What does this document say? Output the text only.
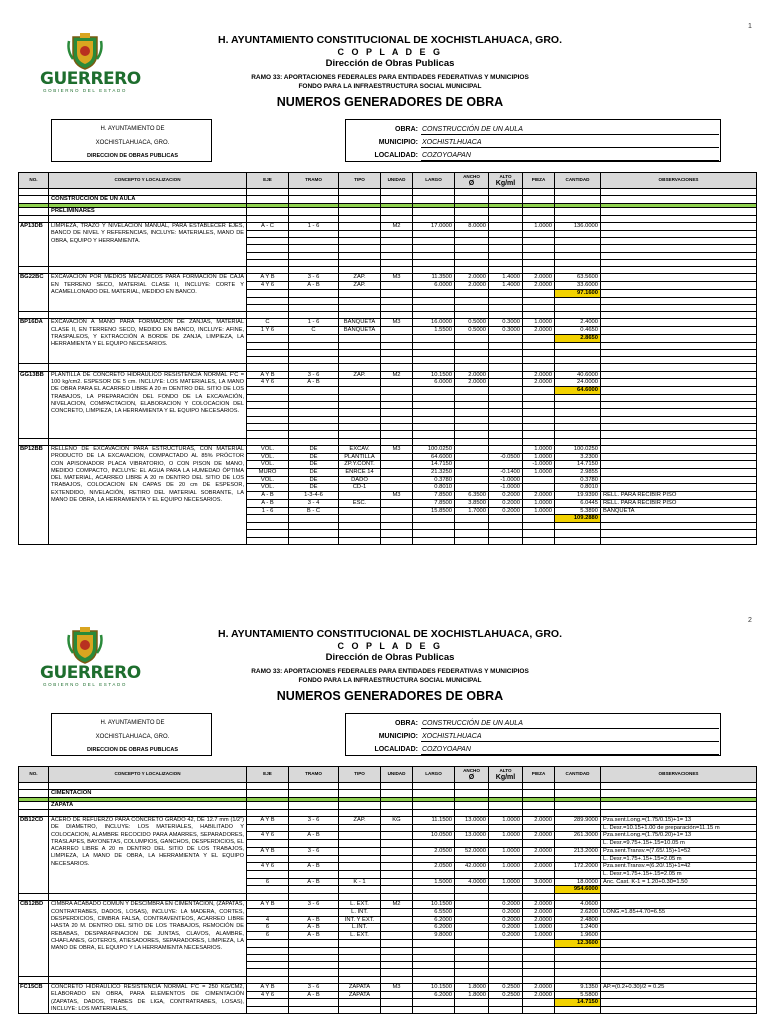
1
GUERRERO
GOBIERNO DEL ESTADO
H. AYUNTAMIENTO CONSTITUCIONAL DE XOCHISTLAHUACA, GRO.
C O P L A D E G
Dirección de Obras Publicas
RAMO 33: APORTACIONES FEDERALES PARA ENTIDADES FEDERATIVAS Y MUNICIPIOS
FONDO PARA LA INFRAESTRUCTURA SOCIAL MUNICIPAL
NUMEROS GENERADORES DE OBRA
H. AYUNTAMIENTO DE
XOCHISTLAHUACA, GRO.
DIRECCION DE OBRAS PUBLICAS
OBRA: CONSTRUCCIÓN DE UN AULA
MUNICIPIO: XOCHISTLHUACA
LOCALIDAD: COZOYOAPAN
NO.	CONCEPTO Y LOCALIZACION	EJE	TRAMO	TIPO	UNIDAD	LARGO	ANCHO
Ø	ALTO
Kg/ml	PIEZA	CANTIDAD	OBSERVACIONES

	CONSTRUCCIÓN DE UN AULA										

	PRELIMINARES										

AP13DB	LIMPIEZA, TRAZO Y NIVELACION MANUAL, PARA ESTABLECER EJES, BANCO DE NIVEL Y REFERENCIAS, INCLUYE: MATERIALES, MANO DE OBRA, EQUIPO Y HERRAMIENTA.	A - C	1 - 6		M2	17.0000	8.0000		1.0000	136.0000	

BG22BC	EXCAVACION POR MEDIOS MECANICOS PARA FORMACION DE CAJA EN TERRENO SECO, MATERIAL CLASE II, INCLUYE: CORTE Y ACAMELLONADO DEL MATERIAL, MEDIDO EN BANCO.	A Y B	3 - 6	ZAP.	M3	11.3500	2.0000	1.4000	2.0000	63.5600	
		4 Y 6	A - B	ZAP.		6.0000	2.0000	1.4000	2.0000	33.6000	
										97.1600	

BP16DA	EXCAVACION A MANO PARA FORMACION DE ZANJAS, MATERIAL CLASE II, EN TERRENO SECO, MEDIDO EN BANCO, INCLUYE: AFINE, TRASPALEOS, Y EXTRACCIÓN A BORDE DE ZANJA, LIMPIEZA, LA HERRAMIENTA Y EL EQUIPO NECESARIOS.	C	1 - 6	BANQUETA	M3	16.0000	0.5000	0.3000	1.0000	2.4000	
		1 Y 6	C	BANQUETA		1.5500	0.5000	0.3000	2.0000	0.4650	
										2.8650	

GG13BB	PLANTILLA DE CONCRETO HIDRAULICO RESISTENCIA NORMAL F'C = 100 kg/cm2. ESPESOR DE 5 cm. INCLUYE: LOS MATERIALES, LA MANO DE OBRA PARA EL ACARREO LIBRE A 20 m DENTRO DEL SITIO DE LOS TRABAJOS, LA PREPARACIÓN DEL FONDO DE LA EXCAVACIÓN, NIVELACION, COMPACTACION, ELABORACION Y COLOCACION DEL CONCRETO, LIMPIEZA, LA HERRAMIENTA Y EL EQUIPO NECESARIOS.	A Y B	3 - 6	ZAP.	M2	10.1500	2.0000		2.0000	40.6000	
		4 Y 6	A - B			6.0000	2.0000		2.0000	24.0000	
										64.6000	

BP12BB	RELLENO DE EXCAVACION PARA ESTRUCTURAS, CON MATERIAL PRODUCTO DE LA EXCAVACION, COMPACTADO AL 85% PRÓCTOR CON APISONADOR PLACA VIBRATORIO, O CON PISON DE MANO, MEDIDO COMPACTO, INCLUYE: EL AGUA PARA LA HUMEDAD ÓPTIMA DEL MATERIAL, ACARREO LIBRE A 20 m DENTRO DEL SITIO DE LOS TRABAJOS, COLOCACION EN CAPAS DE 20 cm DE ESPESOR, EXTENDIDO, NIVELACIÓN, RETIRO DEL MATERIAL SOBRANTE, LA MANO DE OBRA, LA HERRAMIENTA Y EL EQUIPO NECESARIOS.	VOL.	DE	EXCAV.	M3	100.0250			1.0000	100.0250	
		VOL.	DE	PLANTILLA		64.6000		-0.0500	1.0000	3.2300	
		VOL.	DE	ZP.Y.CONT.		14.7150			-1.0000	14.7150	
		MURO	DE	ENRCE 14		21.3250		-0.1400	1.0000	2.9855	
		VOL.	DE	DADO		0.3780		-1.0000		0.3780	
		VOL.	DE	CD-1		0.8010		-1.0000		0.8010	
		A - B	1-3-4-6		M3	7.8500	6.3500	0.2000	2.0000	19.9390	RELL. PARA RECIBIR PISO
		A - B	3 - 4	ESC.		7.8500	3.8500	0.2000	1.0000	6.0445	RELL. PARA RECIBIR PISO
		1 - 6	B - C			15.8500	1.7000	0.2000	1.0000	5.3890	BANQUETA
										109.2880	

2
GUERRERO
GOBIERNO DEL ESTADO
H. AYUNTAMIENTO CONSTITUCIONAL DE XOCHISTLAHUACA, GRO.
C O P L A D E G
Dirección de Obras Publicas
RAMO 33: APORTACIONES FEDERALES PARA ENTIDADES FEDERATIVAS Y MUNICIPIOS
FONDO PARA LA INFRAESTRUCTURA SOCIAL MUNICIPAL
NUMEROS GENERADORES DE OBRA
H. AYUNTAMIENTO DE
XOCHISTLAHUACA, GRO.
DIRECCION DE OBRAS PUBLICAS
OBRA: CONSTRUCCIÓN DE UN AULA
MUNICIPIO: XOCHISTLHUACA
LOCALIDAD: COZOYOAPAN
NO.	CONCEPTO Y LOCALIZACION	EJE	TRAMO	TIPO	UNIDAD	LARGO	ANCHO
Ø	ALTO
Kg/ml	PIEZA	CANTIDAD	OBSERVACIONES

	CIMENTACION										

	ZAPATA										

DB12CD	ACERO DE REFUERZO PARA CONCRETO GRADO 42, DE 12.7 mm (1/2") DE DIAMETRO, INCLUYE: LOS MATERIALES, HABILITADO Y COLOCACION, ALAMBRE RECOCIDO PARA AMARRES, SEPARADORES, TRASLAPES, BAYONETAS, COLUMPIOS, GANCHOS, DESPERDICIOS, EL ACARREO LIBRE A 20 m DENTRO DEL SITIO DE LOS TRABAJOS, LIMPIEZA, LA MANO DE OBRA, LA HERRAMIENTA Y EL EQUIPO NECESARIOS.	A Y B	3 - 6	ZAP.	KG	11.1500	13.0000	1.0000	2.0000	289.9000	Pza.sent.Long.=(1.75/0.15)+1= 13
											L. Desr.=10.15+1.00 de preparación=11.15 m
		4 Y 6	A - B			10.0500	13.0000	1.0000	2.0000	261.3000	Pza.sent.Long.=(1.75/0.20)+1= 13
											L. Desr.=9.75+.15+.15=10.05 m
		A Y B	3 - 6			2.0500	52.0000	1.0000	2.0000	213.2000	Pza.sent.Transv.=(7.65/.15)+1=52
											L. Desr.=1.75+.15+.15=2.05 m
		4 Y 6	A - B			2.0500	42.0000	1.0000	2.0000	172.2000	Pza.sent.Transv.=(6.20/.15)+1=42
											L. Desr.=1.75+.15+.15=2.05 m
		6	A - B	K - 1		1.5000	4.0000	1.0000	3.0000	18.0000	Anc. Cast. K-1 = 1.20+0.30=1.50
										954.6000	

CB12BD	CIMBRA ACABADO COMUN Y DESCIMBRA EN CIMENTACION, (ZAPATAS, CONTRATRABES, DADOS, LOSAS), INCLUYE: LA MADERA, CORTES, DESPERDICIOS, CIMBRA FALSA, CONTRAVENTEOS, ACARREO LIBRE HASTA 20 M. DENTRO DEL SITIO DE LOS TRABAJOS, REMOCIÓN DE REBABAS, DESPARAFINACION DE JUNTAS, CLAVOS, ALAMBRE, CHAFLANES, GOTEROS, ATIESADORES, SEPARADORES, LIMPIEZA, LA MANO DE OBRA, EL EQUIPO Y LA HERRAMIENTA NECESARIOS.	A Y B	3 - 6	L. EXT.	M2	10.1500		0.2000	2.0000	4.0600	
				L. INT.		6.5500		0.2000	2.0000	2.6200	LONG.=1.85+4.70=6.55
		4	A - B	INT. Y EXT.		6.2000		0.2000	2.0000	2.4800	
		6	A - B	L.INT.		6.2000		0.2000	1.0000	1.2400	
		6	A - B	L. EXT.		9.8000		0.2000	1.0000	1.9600	
										12.3600	

FC15CB	CONCRETO HIDRAULICO RESISTENCIA NORMAL F'C = 250 KG/CM2, ELABORADO EN OBRA, PARA ELEMENTOS DE CIMENTACIÓN (ZAPATAS, DADOS, TRABES DE LIGA, CONTRATRABES, LOSAS), INCLUYE: LOS MATERIALES,	A Y B	3 - 6	ZAPATA	M3	10.1500	1.8000	0.2500	2.0000	9.1350	AP.=(0.2+0.30)/2 = 0.25
		4 Y 6	A - B	ZAPATA		6.2000	1.8000	0.2500	2.0000	5.5800	
										14.7150	
